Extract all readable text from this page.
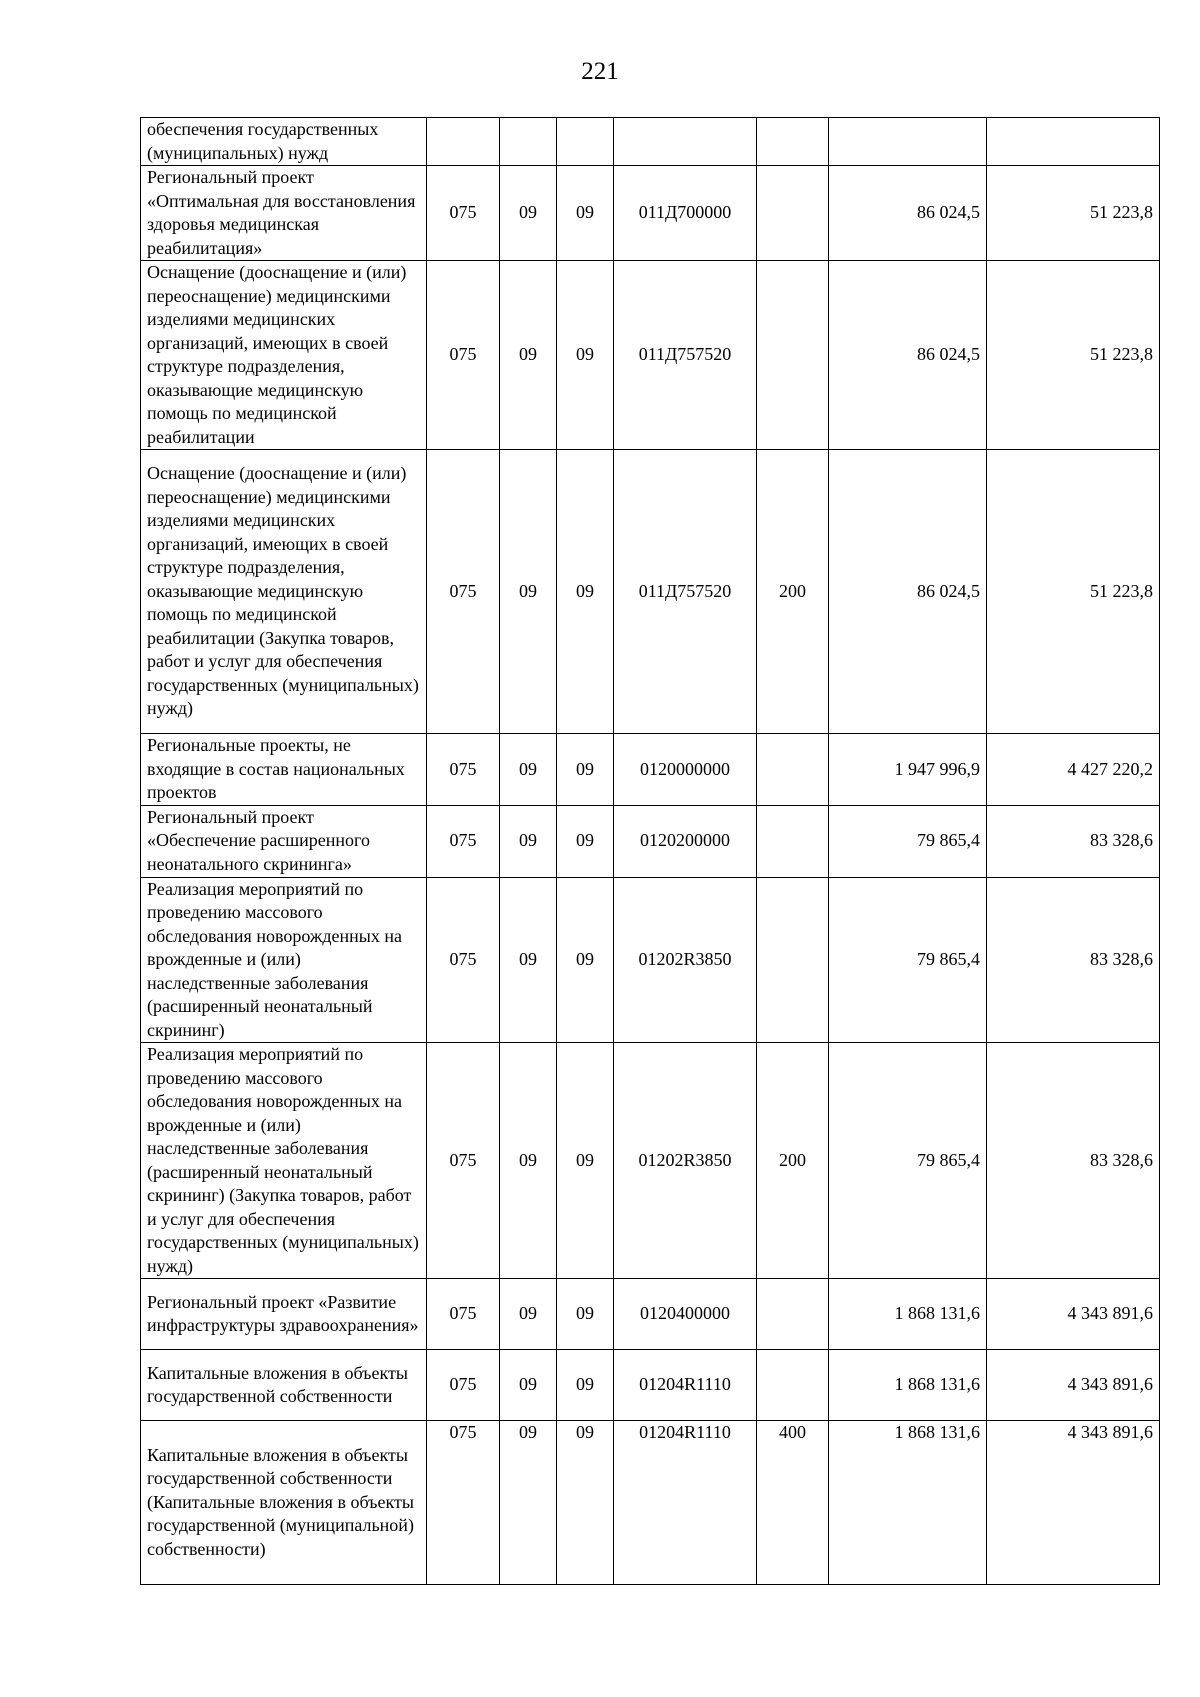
221
обеспечения государственных (муниципальных) нужд							
Региональный проект «Оптимальная для восстановления здоровья медицинская реабилитация»	075	09	09	011Д700000		86 024,5	51 223,8
Оснащение (дооснащение и (или) переоснащение) медицинскими изделиями медицинских организаций, имеющих в своей структуре подразделения, оказывающие медицинскую помощь по медицинской реабилитации	075	09	09	011Д757520		86 024,5	51 223,8
Оснащение (дооснащение и (или) переоснащение) медицинскими изделиями медицинских организаций, имеющих в своей структуре подразделения, оказывающие медицинскую помощь по медицинской реабилитации (Закупка товаров, работ и услуг для обеспечения государственных (муниципальных) нужд)	075	09	09	011Д757520	200	86 024,5	51 223,8
Региональные проекты, не входящие в состав национальных проектов	075	09	09	0120000000		1 947 996,9	4 427 220,2
Региональный проект «Обеспечение расширенного неонатального скрининга»	075	09	09	0120200000		79 865,4	83 328,6
Реализация мероприятий по проведению массового обследования новорожденных на врожденные и (или) наследственные заболевания (расширенный неонатальный скрининг)	075	09	09	01202R3850		79 865,4	83 328,6
Реализация мероприятий по проведению массового обследования новорожденных на врожденные и (или) наследственные заболевания (расширенный неонатальный скрининг) (Закупка товаров, работ и услуг для обеспечения государственных (муниципальных) нужд)	075	09	09	01202R3850	200	79 865,4	83 328,6
Региональный проект «Развитие инфраструктуры здравоохранения»	075	09	09	0120400000		1 868 131,6	4 343 891,6
Капитальные вложения в объекты государственной собственности	075	09	09	01204R1110		1 868 131,6	4 343 891,6
Капитальные вложения в объекты государственной собственности (Капитальные вложения в объекты государственной (муниципальной) собственности)	075	09	09	01204R1110	400	1 868 131,6	4 343 891,6
